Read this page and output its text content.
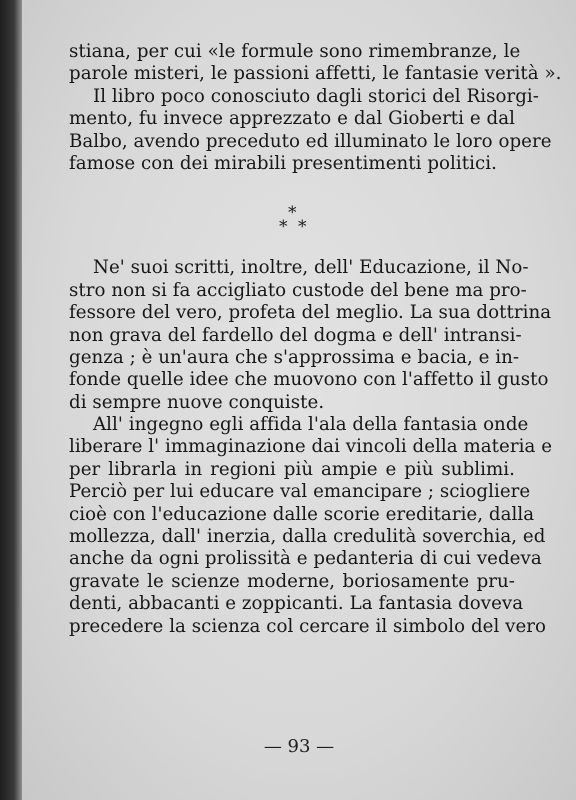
stiana, per cui «le formule sono rimembranze, le
parole misteri, le passioni affetti, le fantasie verità ».
Il libro poco conosciuto dagli storici del Risorgi-
mento, fu invece apprezzato e dal Gioberti e dal
Balbo, avendo preceduto ed illuminato le loro opere
famose con dei mirabili presentimenti politici.
*
* *
Ne' suoi scritti, inoltre, dell' Educazione, il No-
stro non si fa accigliato custode del bene ma pro-
fessore del vero, profeta del meglio. La sua dottrina
non grava del fardello del dogma e dell' intransi-
genza ; è un'aura che s'approssima e bacia, e in-
fonde quelle idee che muovono con l'affetto il gusto
di sempre nuove conquiste.
All' ingegno egli affida l'ala della fantasia onde
liberare l' immaginazione dai vincoli della materia e
per librarla in regioni più ampie e più sublimi.
Perciò per lui educare val emancipare ; sciogliere
cioè con l'educazione dalle scorie ereditarie, dalla
mollezza, dall' inerzia, dalla credulità soverchia, ed
anche da ogni prolissità e pedanteria di cui vedeva
gravate le scienze moderne, boriosamente pru-
denti, abbacanti e zoppicanti. La fantasia doveva
precedere la scienza col cercare il simbolo del vero
— 93 —
